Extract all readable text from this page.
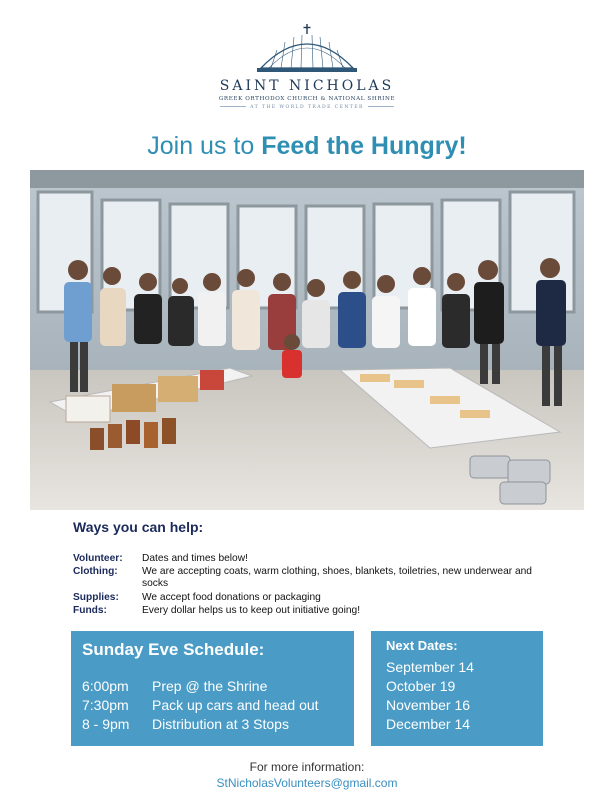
SAINT NICHOLAS
GREEK ORTHODOX CHURCH & NATIONAL SHRINE
AT THE WORLD TRADE CENTER
Join us to Feed the Hungry!
Ways you can help:
Volunteer: Dates and times below!
Clothing: We are accepting coats, warm clothing, shoes, blankets, toiletries, new underwear and socks
Supplies: We accept food donations or packaging
Funds:	Every dollar helps us to keep out initiative going!
Sunday Eve Schedule:
6:00pm Prep @ the Shrine
7:30pm Pack up cars and head out
8 - 9pm Distribution at 3 Stops
Next Dates:
September 14
October 19
November 16
December 14
For more information:
StNicholasVolunteers@gmail.com
